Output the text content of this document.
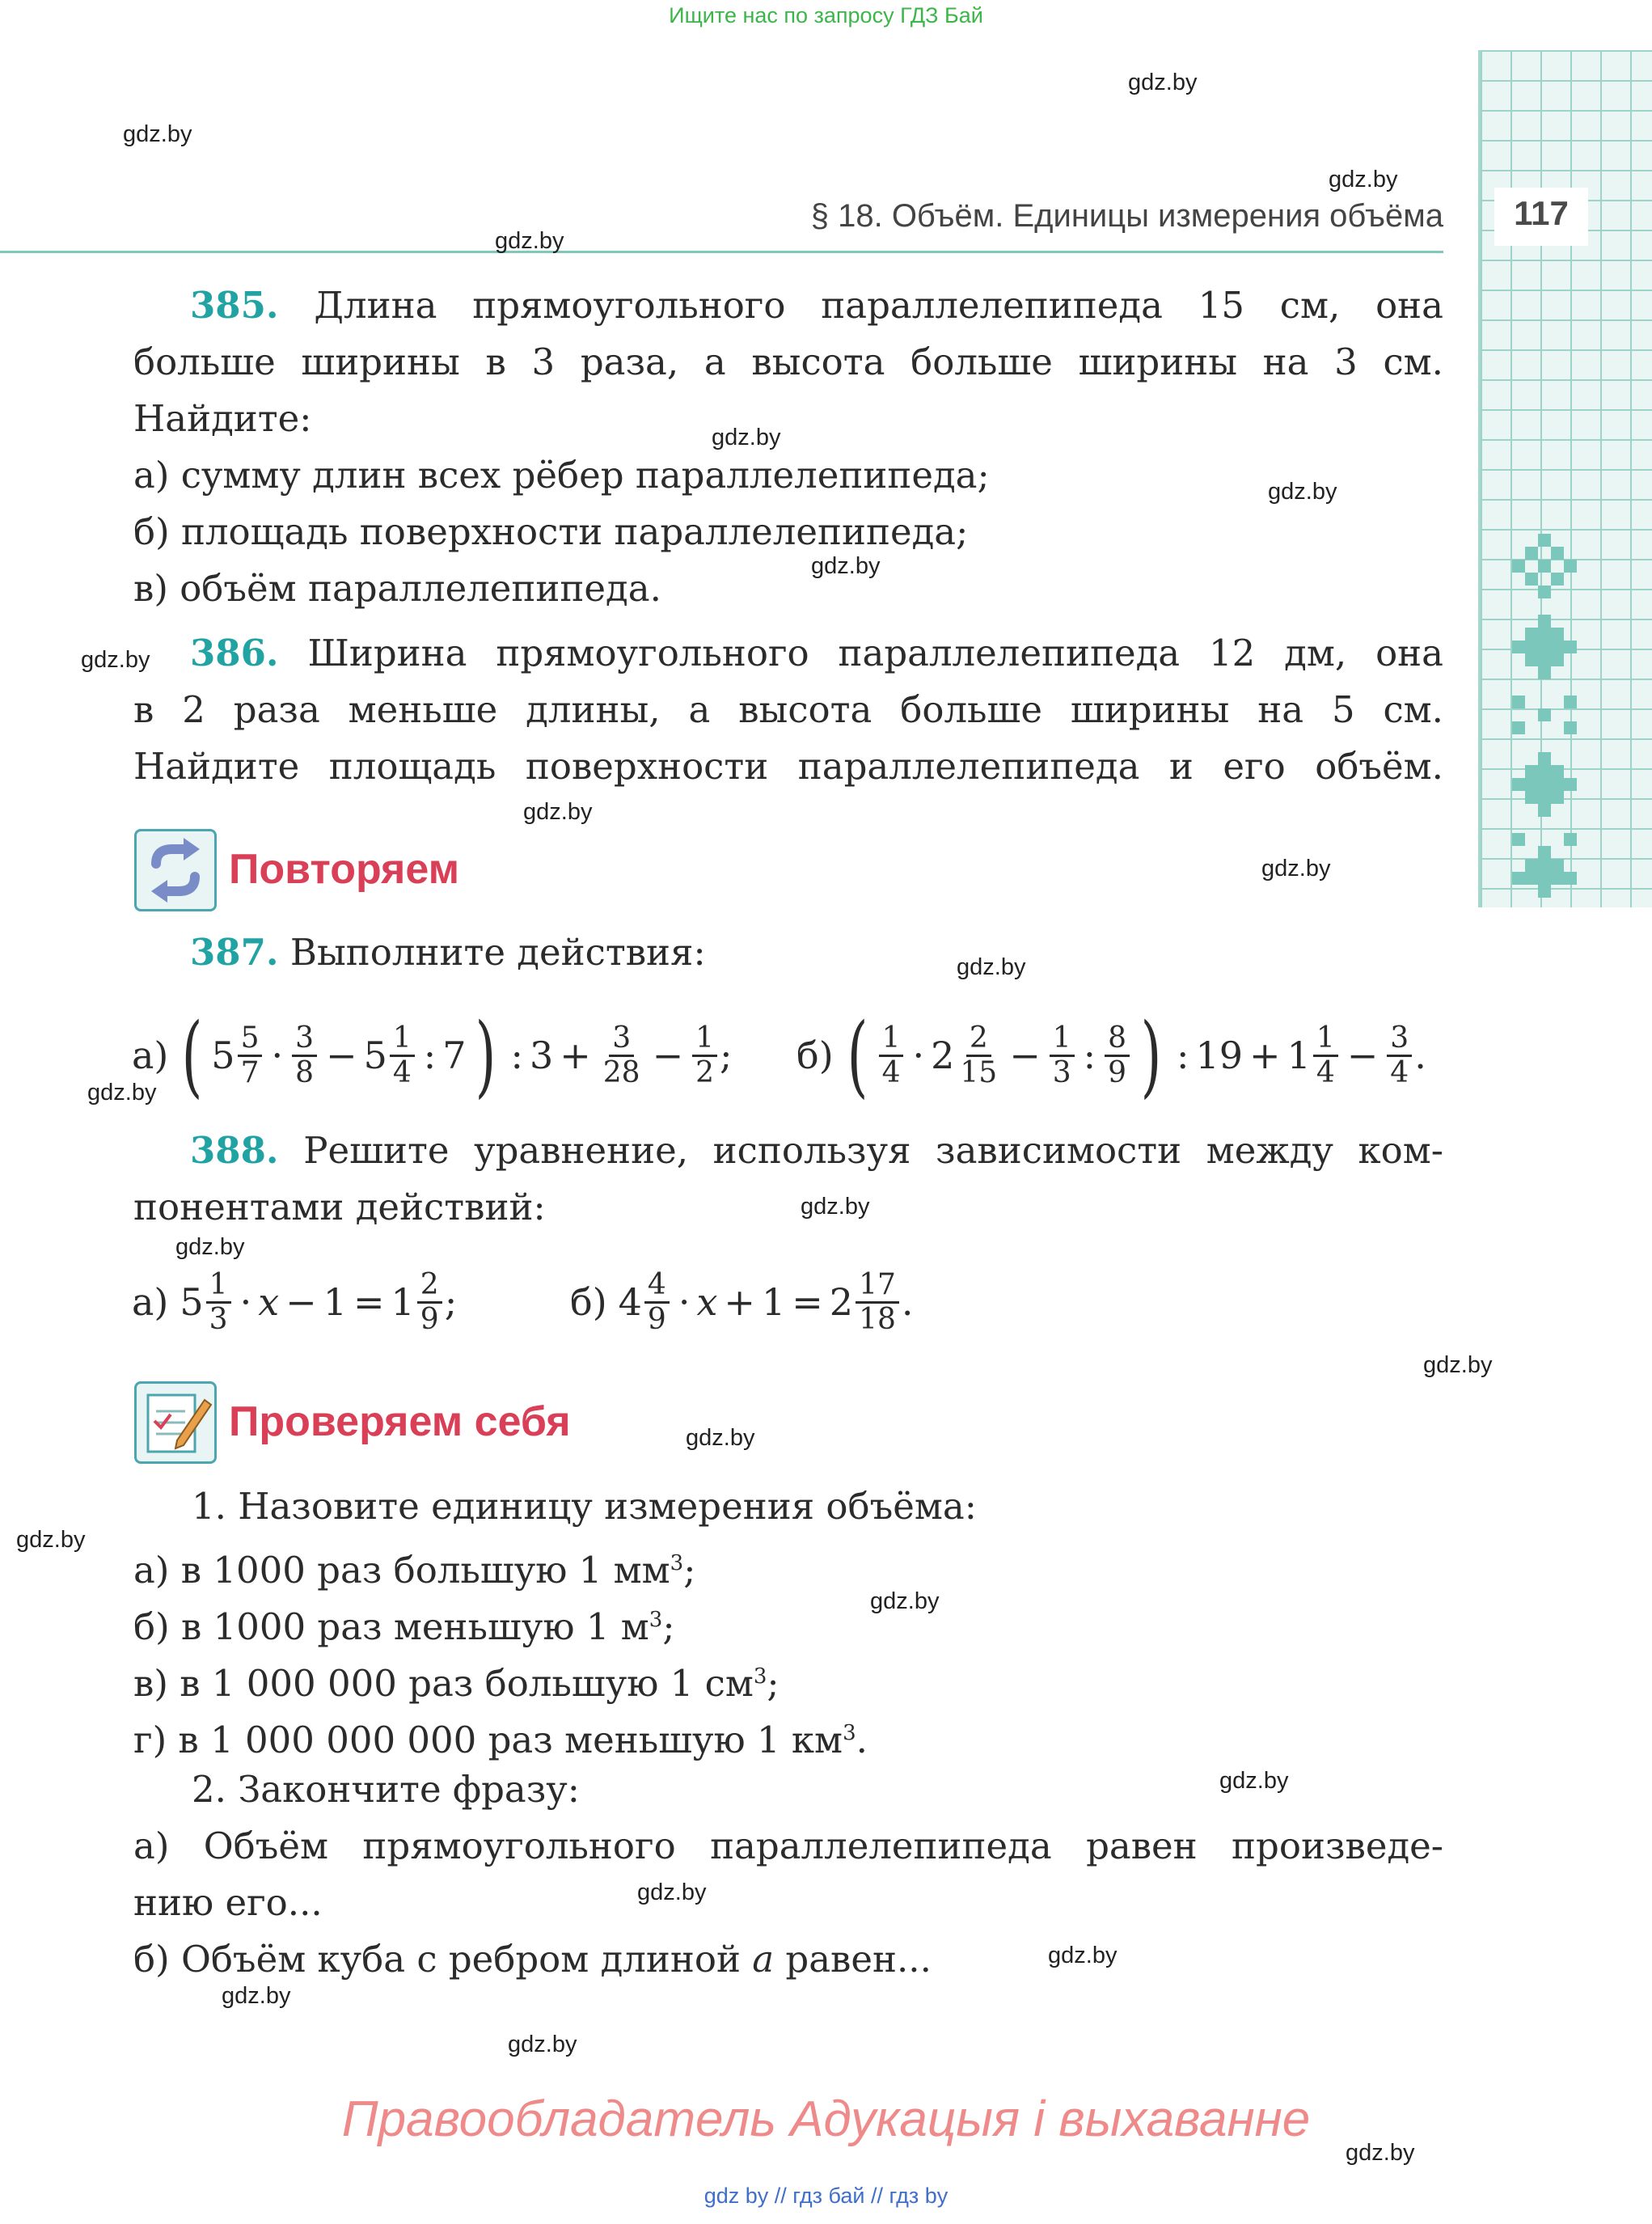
Ищите нас по запросу ГДЗ Бай
117
§ 18. Объём. Единицы измерения объёма
gdz.by
gdz.by
gdz.by
gdz.by
gdz.by
gdz.by
gdz.by
gdz.by
gdz.by
gdz.by
gdz.by
gdz.by
gdz.by
gdz.by
gdz.by
gdz.by
gdz.by
gdz.by
gdz.by
gdz.by
gdz.by
gdz.by
gdz.by
gdz.by
385. Длина прямоугольного параллелепипеда 15 см, она
больше ширины в 3 раза, а высота больше ширины на 3 см.
Найдите:
а) сумму длин всех рёбер параллелепипеда;
б) площадь поверхности параллелепипеда;
в) объём параллелепипеда.
386. Ширина прямоугольного параллелепипеда 12 дм, она
в 2 раза меньше длины, а высота больше ширины на 5 см.
Найдите площадь поверхности параллелепипеда и его объём.
Повторяем
387. Выполните действия:
а) ( $5 \frac{5}{7} \cdot \frac{3}{8} - 5 \frac{1}{4}$ : 7 ) : $3 + \frac{3}{28} - \frac{1}{2}$ ; б) ( $\frac{1}{4} \cdot 2 \frac{2}{15} - \frac{1}{3}$ : $\frac{8}{9}$ ) : $19 + 1 \frac{1}{4} - \frac{3}{4}$ .
388. Решите уравнение, используя зависимости между ком-
понентами действий:
а) $5 \frac{1}{3} \cdot x - 1 = 1 \frac{2}{9}$ ;	б) $4 \frac{4}{9} \cdot x + 1 = 2 \frac{17}{18}$ .
Проверяем себя
1. Назовите единицу измерения объёма:
а) в 1000 раз большую 1 $мм^3$;
б) в 1000 раз меньшую 1 $м^3$;
в) в 1 000 000 раз большую 1 $см^3$;
г) в 1 000 000 000 раз меньшую 1 $км^3$.
2. Закончите фразу:
а) Объём прямоугольного параллелепипеда равен произведе-
нию его...
б) Объём куба с ребром длиной a равен...
Правообладатель Адукацыя і выхаванне
gdz by // гдз бай // гдз by
